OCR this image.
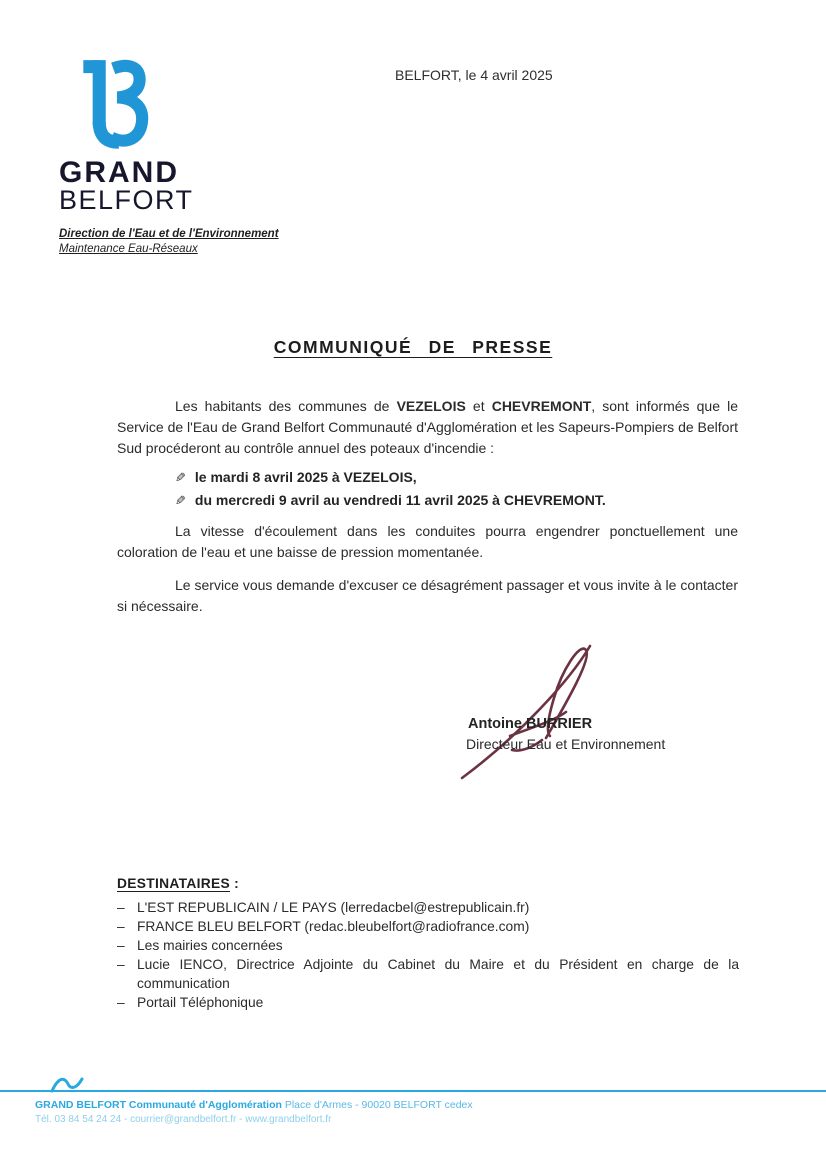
BELFORT, le 4 avril 2025
GRAND
BELFORT
Direction de l'Eau et de l'Environnement
Maintenance Eau-Réseaux
COMMUNIQUÉ DE PRESSE

Les habitants des communes de VEZELOIS et CHEVREMONT, sont informés que le Service de l'Eau de Grand Belfort Communauté d'Agglomération et les Sapeurs-Pompiers de Belfort Sud procéderont au contrôle annuel des poteaux d'incendie :

✎ le mardi 8 avril 2025 à VEZELOIS,
✎ du mercredi 9 avril au vendredi 11 avril 2025 à CHEVREMONT.

La vitesse d'écoulement dans les conduites pourra engendrer ponctuellement une coloration de l'eau et une baisse de pression momentanée.

Le service vous demande d'excuser ce désagrément passager et vous invite à le contacter si nécessaire.

Antoine BURRIER
Directeur Eau et Environnement
DESTINATAIRES :
– L'EST REPUBLICAIN / LE PAYS (lerredacbel@estrepublicain.fr)
– FRANCE BLEU BELFORT (redac.bleubelfort@radiofrance.com)
– Les mairies concernées
– Lucie IENCO, Directrice Adjointe du Cabinet du Maire et du Président en charge de la communication
– Portail Téléphonique
GRAND BELFORT Communauté d'Agglomération Place d'Armes - 90020 BELFORT cedex
Tél. 03 84 54 24 24 - courrier@grandbelfort.fr - www.grandbelfort.fr
